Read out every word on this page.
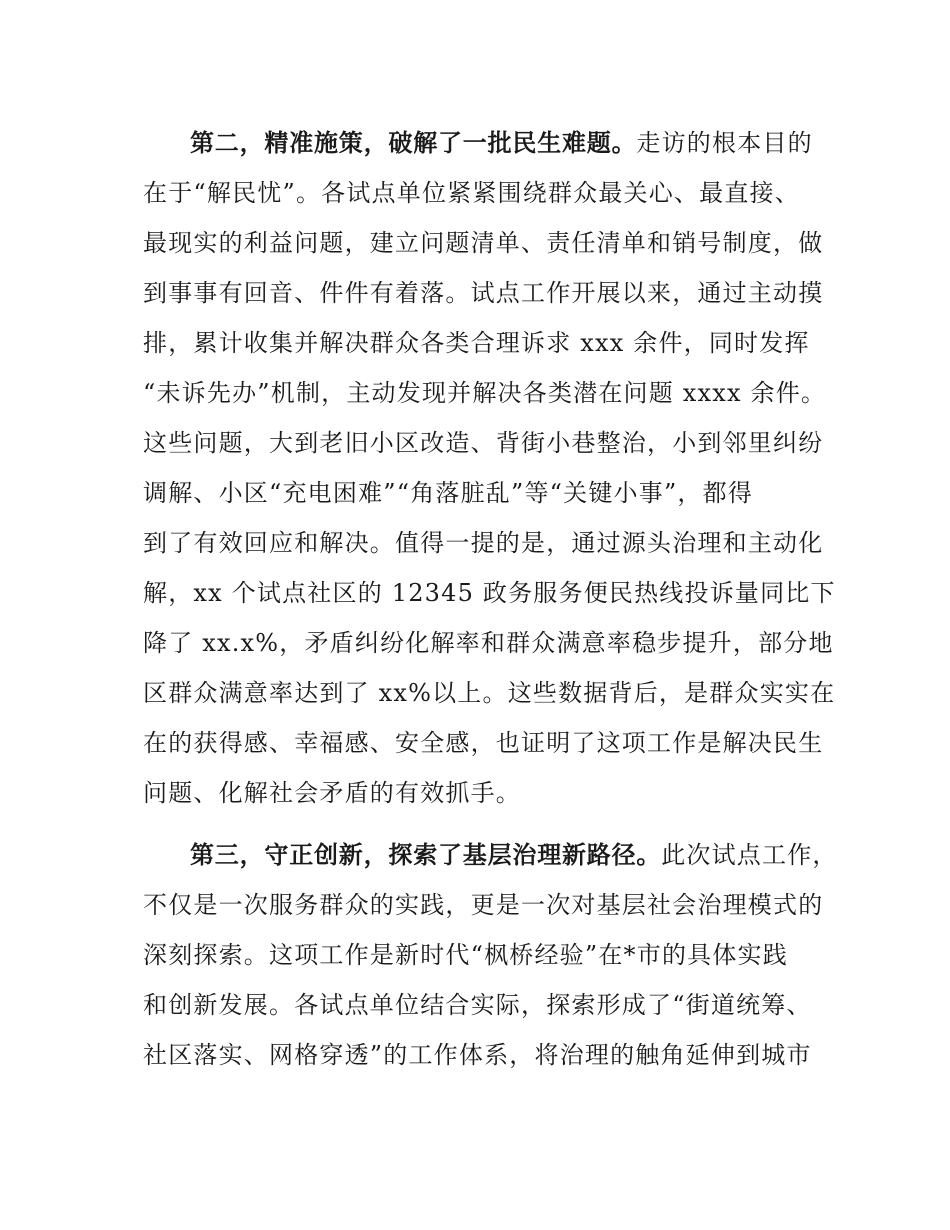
第二，精准施策，破解了一批民生难题。走访的根本目的
在于“解民忧”。各试点单位紧紧围绕群众最关心、最直接、
最现实的利益问题，建立问题清单、责任清单和销号制度，做
到事事有回音、件件有着落。试点工作开展以来，通过主动摸
排，累计收集并解决群众各类合理诉求 xxx 余件，同时发挥
“未诉先办”机制，主动发现并解决各类潜在问题 xxxx 余件。
这些问题，大到老旧小区改造、背街小巷整治，小到邻里纠纷
调解、小区“充电困难”“角落脏乱”等“关键小事”，都得
到了有效回应和解决。值得一提的是，通过源头治理和主动化
解，xx 个试点社区的 12345 政务服务便民热线投诉量同比下
降了 xx.x%，矛盾纠纷化解率和群众满意率稳步提升，部分地
区群众满意率达到了 xx%以上。这些数据背后，是群众实实在
在的获得感、幸福感、安全感，也证明了这项工作是解决民生
问题、化解社会矛盾的有效抓手。
第三，守正创新，探索了基层治理新路径。此次试点工作，
不仅是一次服务群众的实践，更是一次对基层社会治理模式的
深刻探索。这项工作是新时代“枫桥经验”在*市的具体实践
和创新发展。各试点单位结合实际，探索形成了“街道统筹、
社区落实、网格穿透”的工作体系，将治理的触角延伸到城市
